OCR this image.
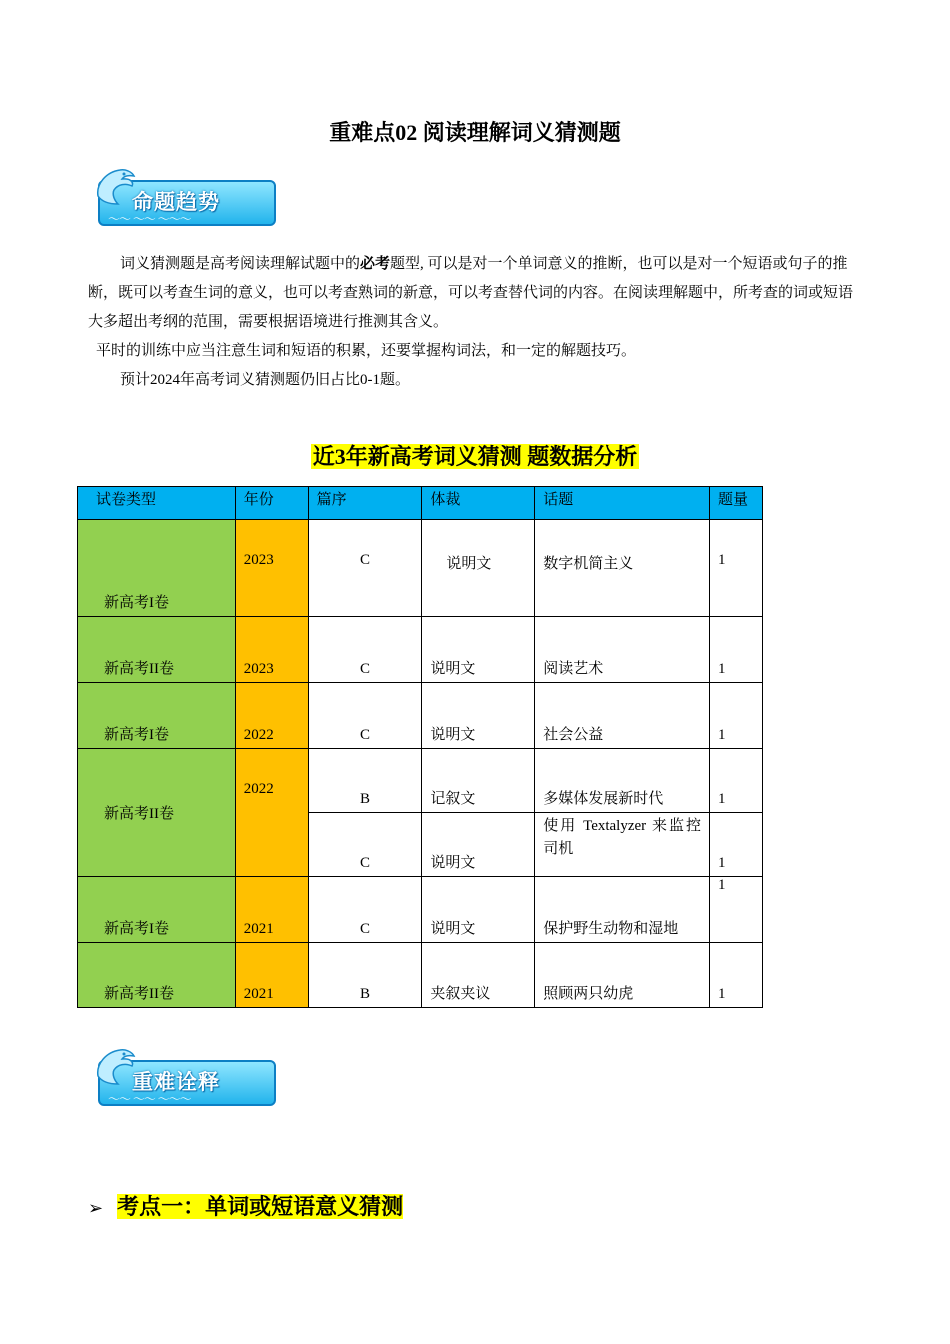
重难点02 阅读理解词义猜测题
命题趋势
～～ ～～ ～～～

词义猜测题是高考阅读理解试题中的必考题型, 可以是对一个单词意义的推断，也可以是对一个短语或句子的推断，既可以考查生词的意义，也可以考查熟词的新意，可以考查替代词的内容。在阅读理解题中，所考查的词或短语大多超出考纲的范围，需要根据语境进行推测其含义。

平时的训练中应当注意生词和短语的积累，还要掌握构词法，和一定的解题技巧。

预计2024年高考词义猜测题仍旧占比0-1题。

近3年新高考词义猜测 题数据分析
试卷类型	年份	篇序	体裁	话题	题量
新高考I卷	2023	C	说明文	数字机简主义	1
新高考II卷	2023	C	说明文	阅读艺术	1
新高考I卷	2022	C	说明文	社会公益	1
新高考II卷	2022	B	记叙文	多媒体发展新时代	1
		C	说明文	使用 Textalyzer 来监控司机	1
新高考I卷	2021	C	说明文	保护野生动物和湿地	1
新高考II卷	2021	B	夹叙夹议	照顾两只幼虎	1
重难诠释
～～ ～～ ～～～
➢ 考点一：单词或短语意义猜测
